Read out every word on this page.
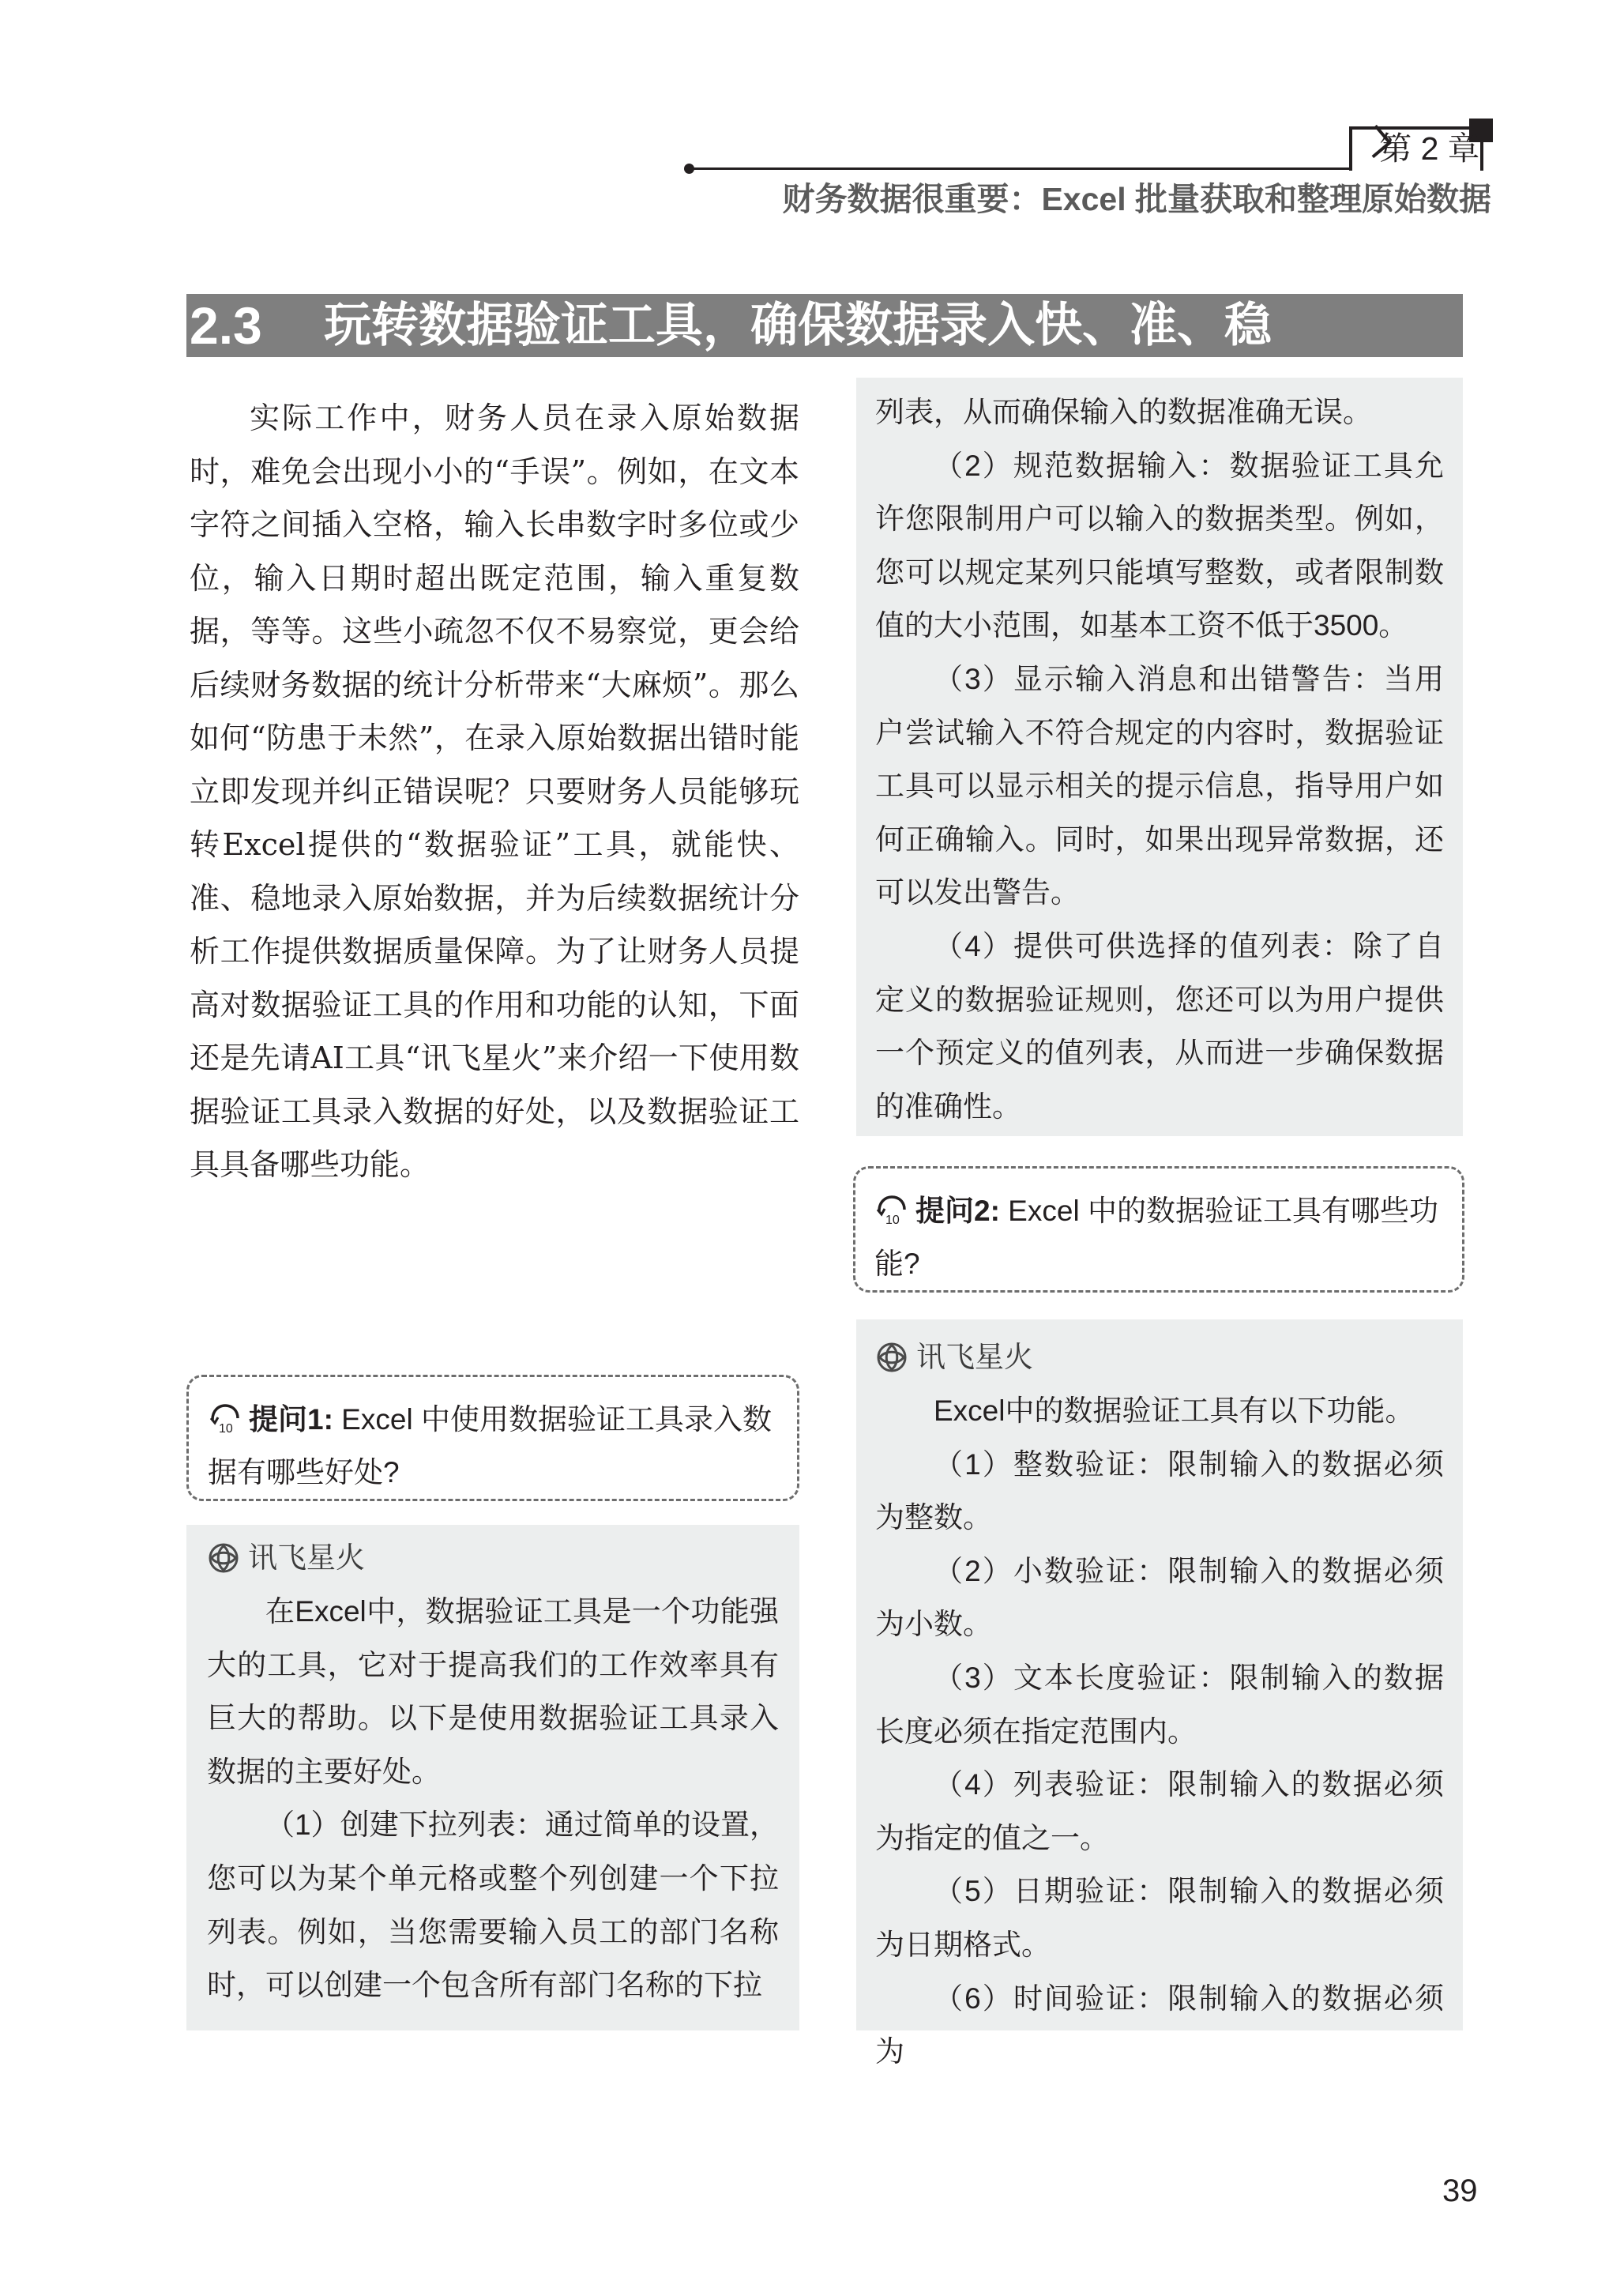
第 2 章
财务数据很重要：Excel 批量获取和整理原始数据
2.3 玩转数据验证工具，确保数据录入快、准、稳

实际工作中，财务人员在录入原始数据时，难免会出现小小的“手误”。例如，在文本字符之间插入空格，输入长串数字时多位或少位，输入日期时超出既定范围，输入重复数据，等等。这些小疏忽不仅不易察觉，更会给后续财务数据的统计分析带来“大麻烦”。那么如何“防患于未然”，在录入原始数据出错时能立即发现并纠正错误呢？只要财务人员能够玩转Excel提供的“数据验证”工具，就能快、准、稳地录入原始数据，并为后续数据统计分析工作提供数据质量保障。为了让财务人员提高对数据验证工具的作用和功能的认知，下面还是先请AI工具“讯飞星火”来介绍一下使用数据验证工具录入数据的好处，以及数据验证工具具备哪些功能。

10 提问1: Excel 中使用数据验证工具录入数据有哪些好处?
讯飞星火
在Excel中，数据验证工具是一个功能强大的工具，它对于提高我们的工作效率具有巨大的帮助。以下是使用数据验证工具录入数据的主要好处。
（1）创建下拉列表：通过简单的设置，您可以为某个单元格或整个列创建一个下拉列表。例如，当您需要输入员工的部门名称时，可以创建一个包含所有部门名称的下拉
列表，从而确保输入的数据准确无误。
（2）规范数据输入：数据验证工具允许您限制用户可以输入的数据类型。例如，您可以规定某列只能填写整数，或者限制数值的大小范围，如基本工资不低于3500。
（3）显示输入消息和出错警告：当用户尝试输入不符合规定的内容时，数据验证工具可以显示相关的提示信息，指导用户如何正确输入。同时，如果出现异常数据，还可以发出警告。
（4）提供可供选择的值列表：除了自定义的数据验证规则，您还可以为用户提供一个预定义的值列表，从而进一步确保数据的准确性。
10 提问2: Excel 中的数据验证工具有哪些功能?
讯飞星火
Excel中的数据验证工具有以下功能。
（1）整数验证：限制输入的数据必须为整数。
（2）小数验证：限制输入的数据必须为小数。
（3）文本长度验证：限制输入的数据长度必须在指定范围内。
（4）列表验证：限制输入的数据必须为指定的值之一。
（5）日期验证：限制输入的数据必须为日期格式。
（6）时间验证：限制输入的数据必须为
39
